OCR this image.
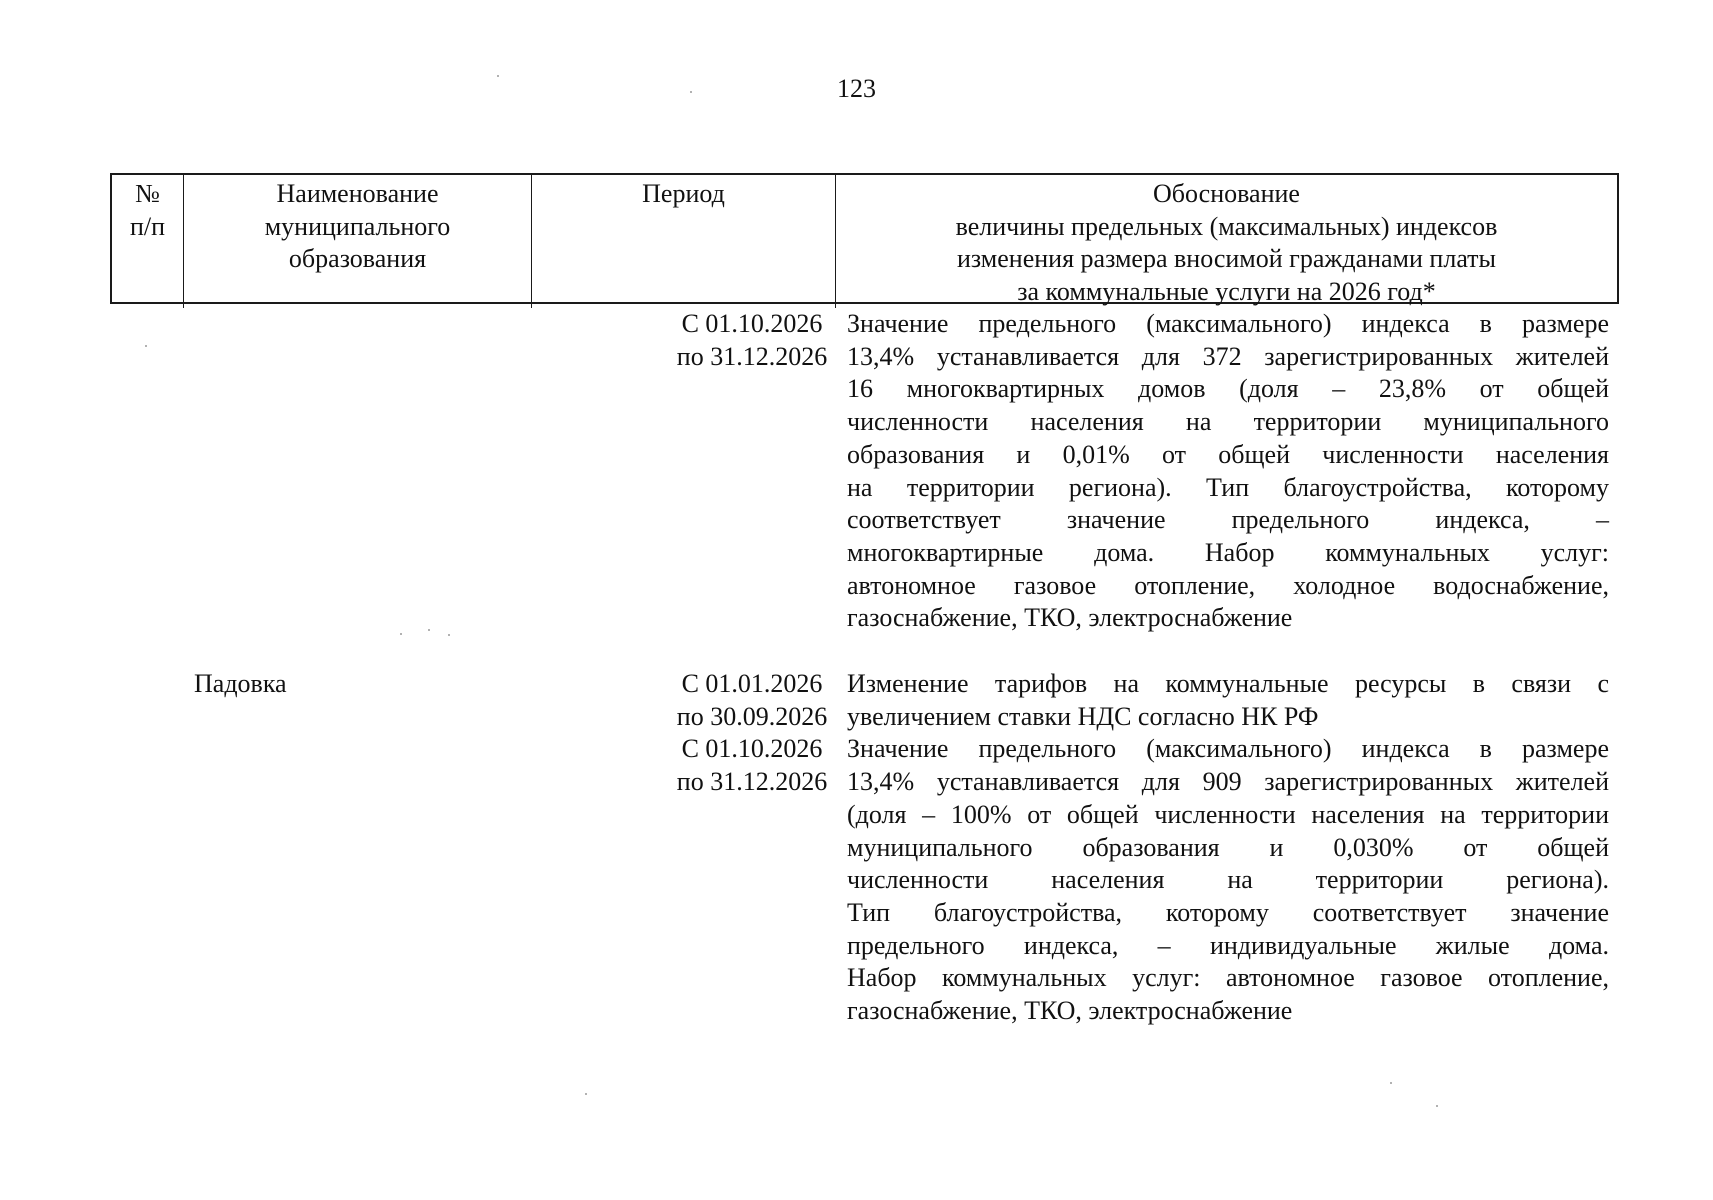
123
№
п/п
Наименование
муниципального
образования
Период	Обоснование
величины предельных (максимальных) индексов
изменения размера вносимой гражданами платы
за коммунальные услуги на 2026 год*
С 01.10.2026
по 31.12.2026
Значение предельного (максимального) индекса в размере
13,4% устанавливается для 372 зарегистрированных жителей
16 многоквартирных домов (доля – 23,8% от общей
численности населения на территории муниципального
образования и 0,01% от общей численности населения
на территории региона). Тип благоустройства, которому
соответствует значение предельного индекса, –
многоквартирные дома. Набор коммунальных услуг:
автономное газовое отопление, холодное водоснабжение,
газоснабжение, ТКО, электроснабжение
Падовка	С 01.01.2026
по 30.09.2026
С 01.10.2026
по 31.12.2026
Изменение тарифов на коммунальные ресурсы в связи с
увеличением ставки НДС согласно НК РФ
Значение предельного (максимального) индекса в размере
13,4% устанавливается для 909 зарегистрированных жителей
(доля – 100% от общей численности населения на территории
муниципального образования и 0,030% от общей
численности населения на территории региона).
Тип благоустройства, которому соответствует значение
предельного индекса, – индивидуальные жилые дома.
Набор коммунальных услуг: автономное газовое отопление,
газоснабжение, ТКО, электроснабжение
